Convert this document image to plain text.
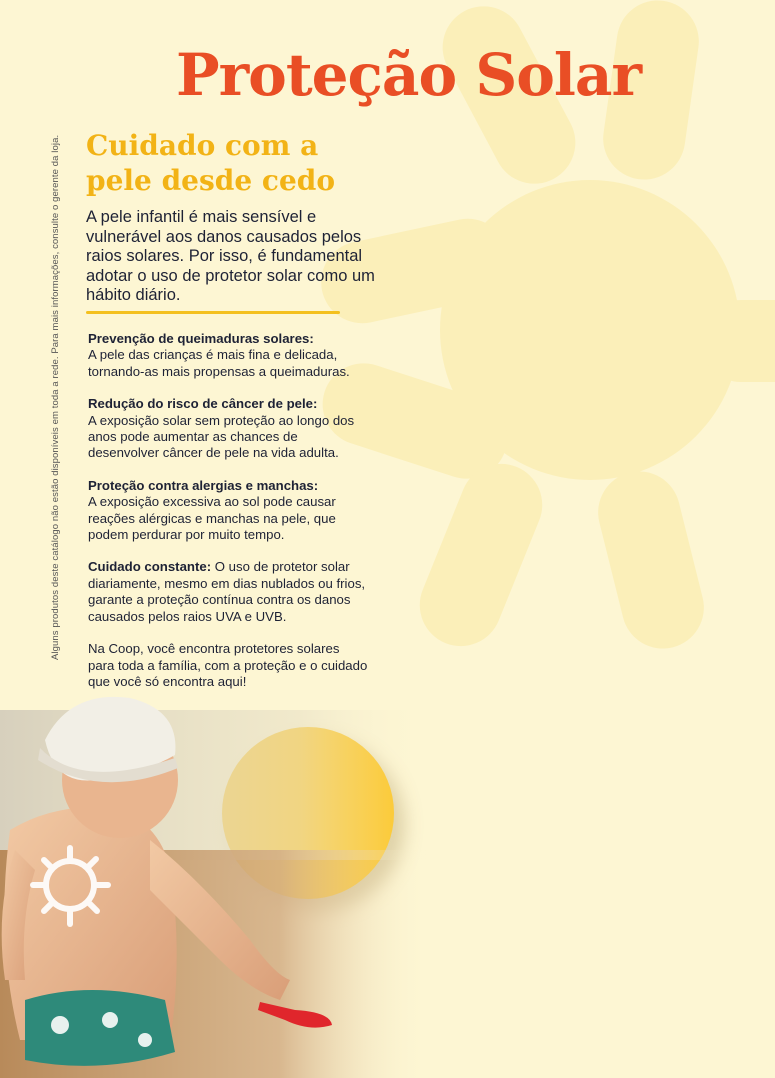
Alguns produtos deste catálogo não estão disponíveis em toda a rede. Para mais informações, consulte o gerente da loja.
Proteção Solar
Cuidado com a pele desde cedo

A pele infantil é mais sensível e vulnerável aos danos causados pelos raios solares. Por isso, é fundamental adotar o uso de protetor solar como um hábito diário.

Prevenção de queimaduras solares:
A pele das crianças é mais fina e delicada, tornando-as mais propensas a queimaduras.

Redução do risco de câncer de pele:
A exposição solar sem proteção ao longo dos anos pode aumentar as chances de desenvolver câncer de pele na vida adulta.

Proteção contra alergias e manchas:
A exposição excessiva ao sol pode causar reações alérgicas e manchas na pele, que podem perdurar por muito tempo.

Cuidado constante: O uso de protetor solar diariamente, mesmo em dias nublados ou frios, garante a proteção contínua contra os danos causados pelos raios UVA e UVB.

Na Coop, você encontra protetores solares para toda a família, com a proteção e o cuidado que você só encontra aqui!
